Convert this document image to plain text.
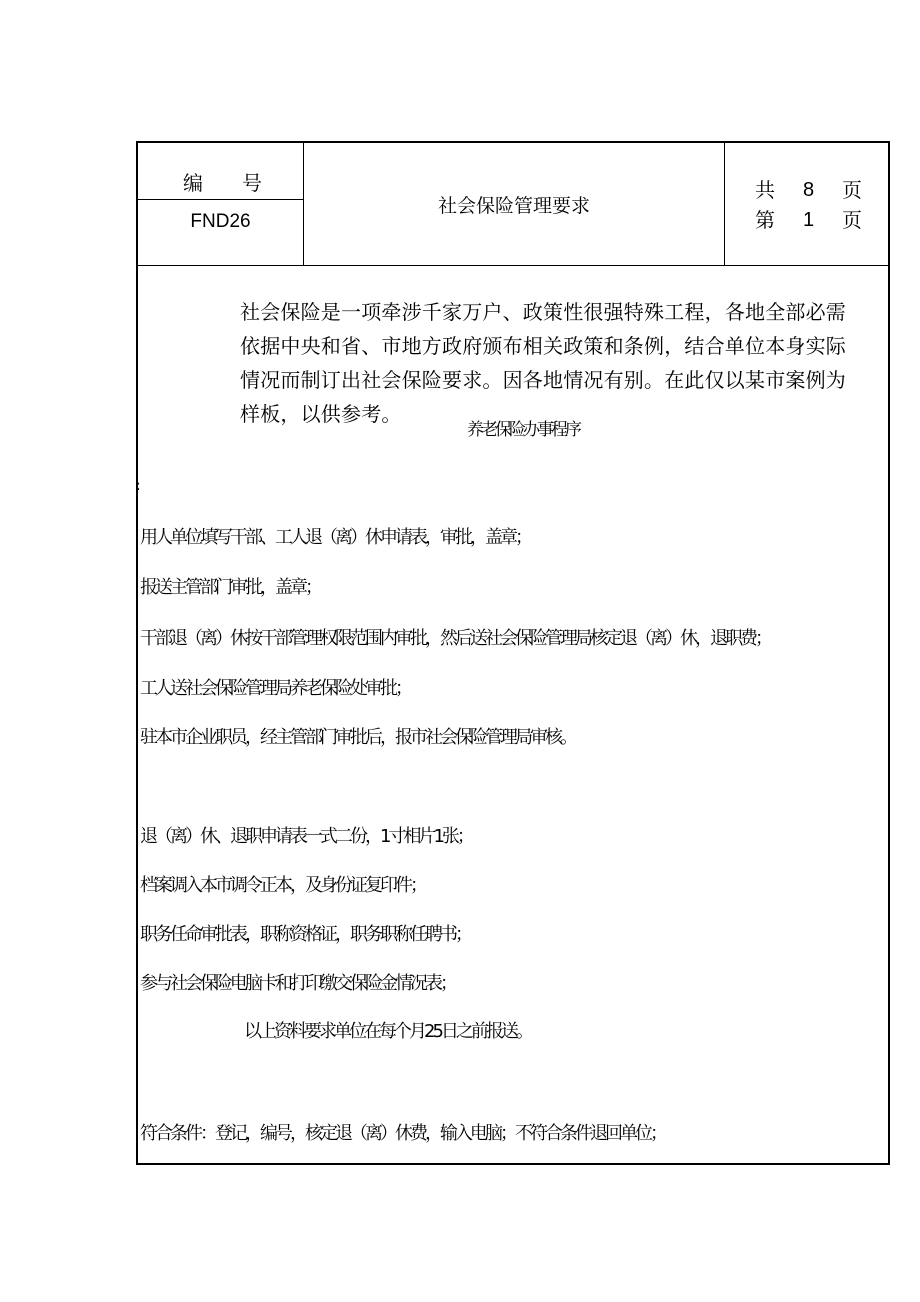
编 号
FND26
社会保险管理要求
共 8 页
第 1 页
社会保险是一项牵涉千家万户、政策性很强特殊工程，各地全部必需
依据中央和省、市地方政府颁布相关政策和条例，结合单位本身实际
情况而制订出社会保险要求。因各地情况有别。在此仅以某市案例为
样板，以供参考。
养老保险办事程序
:
用人单位填写干部、工人退（离）休申请表，审批，盖章；
报送主管部门审批，盖章；
干部退（离）休按干部管理权限范围内审批，然后送社会保险管理局核定退（离）休，退职费；
工人送社会保险管理局养老保险处审批；
驻本市企业职员，经主管部门审批后，报市社会保险管理局审核。
退（离）休、退职申请表一式二份，1寸相片1张；
档案调入本市调令正本，及身份证复印件；
职务任命审批表，职称资格证，职务职称任聘书；
参与社会保险电脑卡和打印缴交保险金情况表；
以上资料要求单位在每个月25日之前报送。
符合条件：登记，编号，核定退（离）休费，输入电脑；不符合条件退回单位；
